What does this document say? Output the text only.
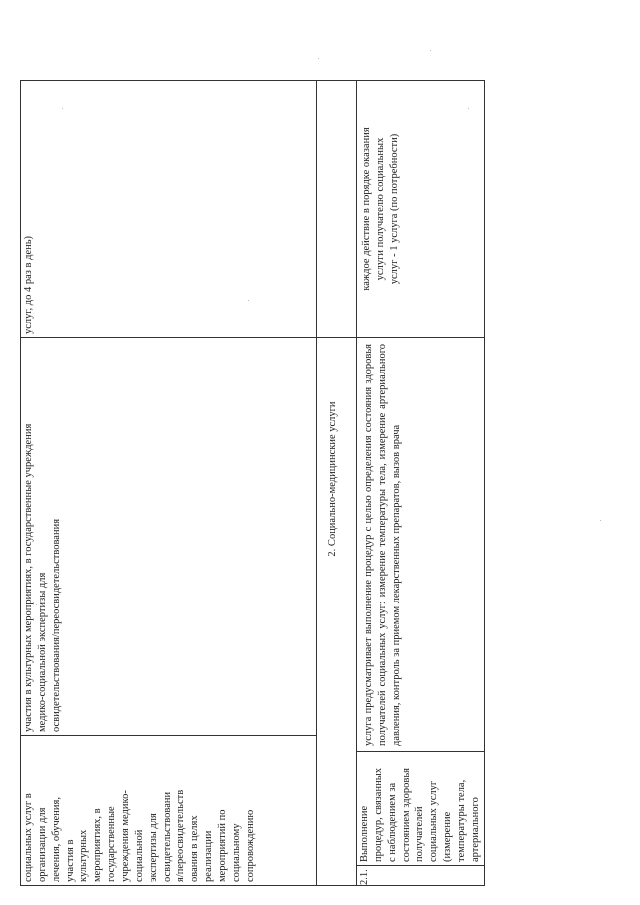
социальных услуг в организации для лечения, обучения, участия в культурных мероприятиях, в государственные учреждения медико- социальной экспертизы для освидетельствовани я/переосвидетельств ования в целях реализации мероприятий по социальному сопровождению

участия в культурных мероприятиях, в государственные учреждения медико-социальной экспертизы для освидетельствования/переосвидетельствования

услуг, до 4 раз в день)
2. Социально-медицинские услуги
2.1.

Выполнение процедур, связанных с наблюдением за состоянием здоровья получателей социальных услуг (измерение температуры тела, артериального

услуга предусматривает выполнение процедур с целью определения состояния здоровья получателей социальных услуг: измерение температуры тела, измерение артериального давления, контроль за приемом лекарственных препаратов, вызов врача

каждое действие в порядке оказания услуги получателю социальных услуг - 1 услуга (по потребности)
